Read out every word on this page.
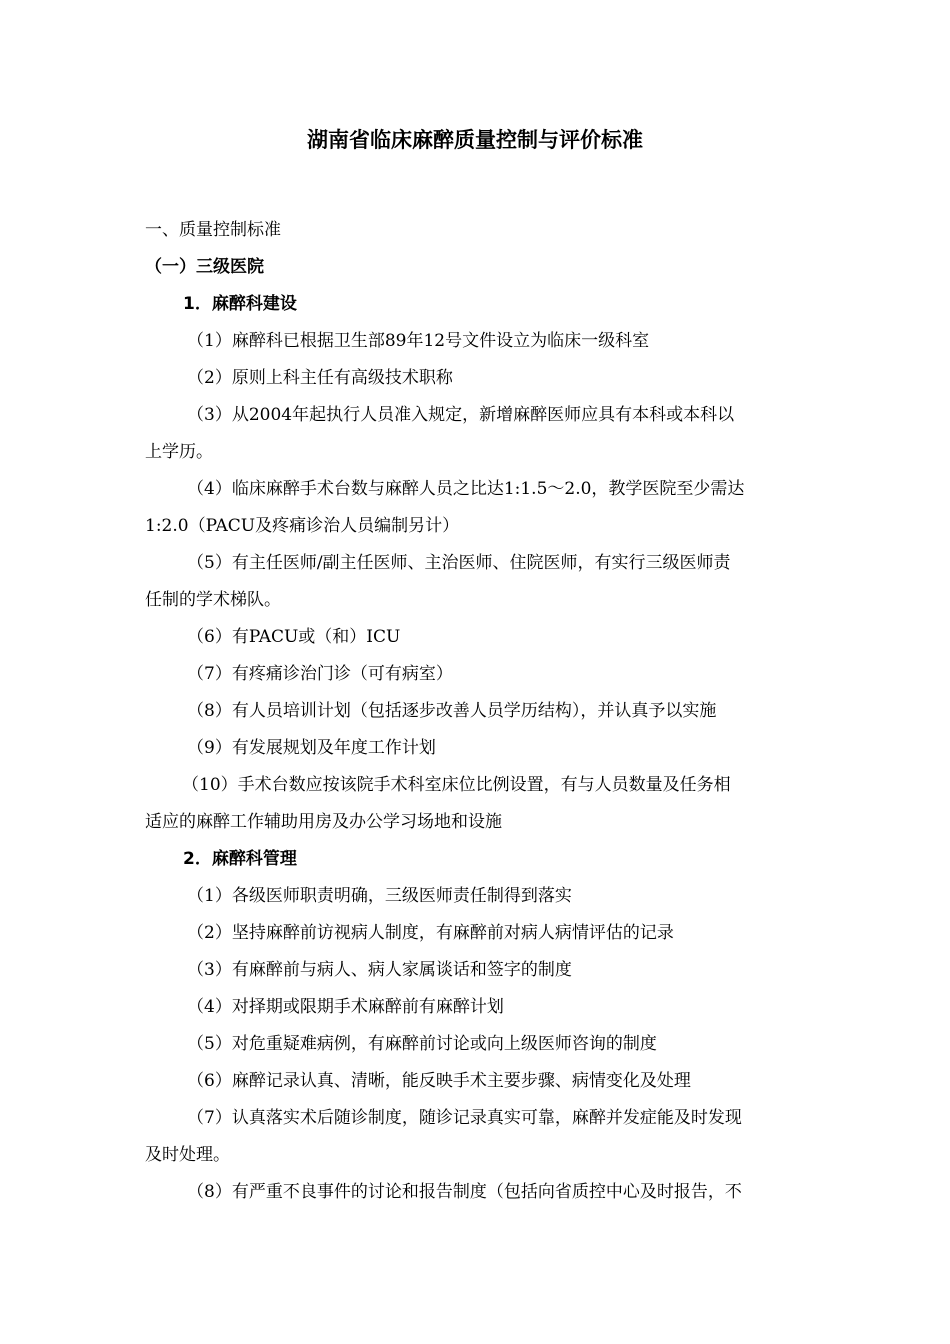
湖南省临床麻醉质量控制与评价标准

一、质量控制标准

（一）三级医院

1．麻醉科建设

（1）麻醉科已根据卫生部89年12号文件设立为临床一级科室

（2）原则上科主任有高级技术职称

（3）从2004年起执行人员准入规定，新增麻醉医师应具有本科或本科以

上学历。

（4）临床麻醉手术台数与麻醉人员之比达1:1.5～2.0，教学医院至少需达

1:2.0（PACU及疼痛诊治人员编制另计）

（5）有主任医师/副主任医师、主治医师、住院医师，有实行三级医师责

任制的学术梯队。

（6）有PACU或（和）ICU

（7）有疼痛诊治门诊（可有病室）

（8）有人员培训计划（包括逐步改善人员学历结构），并认真予以实施

（9）有发展规划及年度工作计划

（10）手术台数应按该院手术科室床位比例设置，有与人员数量及任务相

适应的麻醉工作辅助用房及办公学习场地和设施

2．麻醉科管理

（1）各级医师职责明确，三级医师责任制得到落实

（2）坚持麻醉前访视病人制度，有麻醉前对病人病情评估的记录

（3）有麻醉前与病人、病人家属谈话和签字的制度

（4）对择期或限期手术麻醉前有麻醉计划

（5）对危重疑难病例，有麻醉前讨论或向上级医师咨询的制度

（6）麻醉记录认真、清晰，能反映手术主要步骤、病情变化及处理

（7）认真落实术后随诊制度，随诊记录真实可靠，麻醉并发症能及时发现

及时处理。

（8）有严重不良事件的讨论和报告制度（包括向省质控中心及时报告，不
